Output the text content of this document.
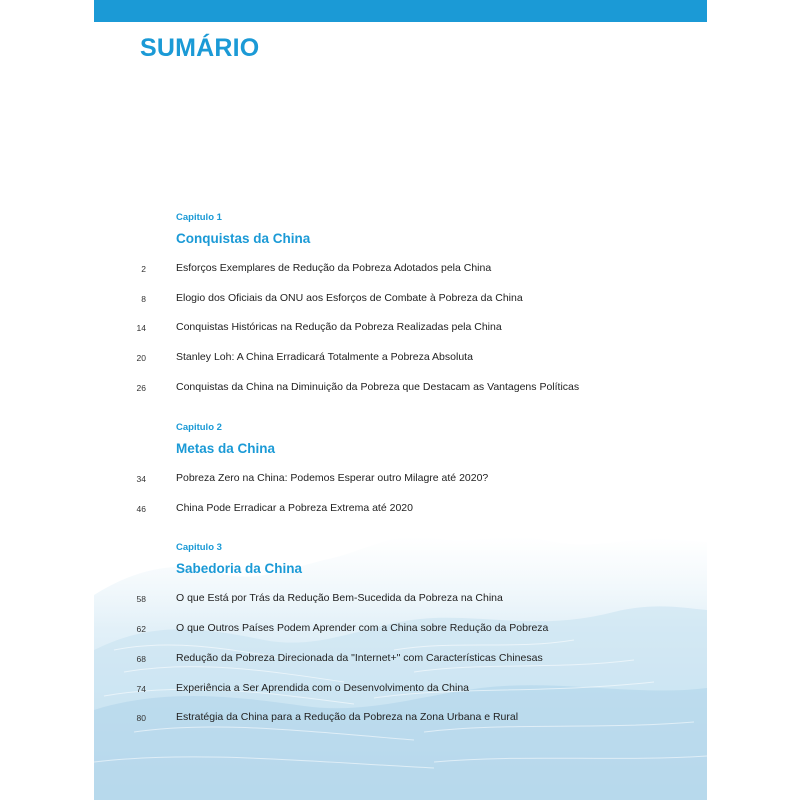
SUMÁRIO
Capitulo 1
Conquistas da China
2	Esforços Exemplares de Redução da Pobreza Adotados pela China
8	Elogio dos Oficiais da ONU aos Esforços de Combate à Pobreza da China
14	Conquistas Históricas na Redução da Pobreza Realizadas pela China
20	Stanley Loh: A China Erradicará Totalmente a Pobreza Absoluta
26	Conquistas da China na Diminuição da Pobreza que Destacam as Vantagens Políticas
Capitulo 2
Metas da China
34	Pobreza Zero na China: Podemos Esperar outro Milagre até 2020?
46	China Pode Erradicar a Pobreza Extrema até 2020
Capitulo 3
Sabedoria da China
58	O que Está por Trás da Redução Bem-Sucedida da Pobreza na China
62	O que Outros Países Podem Aprender com a China sobre Redução da Pobreza
68	Redução da Pobreza Direcionada da "Internet+" com Características Chinesas
74	Experiência a Ser Aprendida com o Desenvolvimento da China
80	Estratégia da China para a Redução da Pobreza na Zona Urbana e Rural
